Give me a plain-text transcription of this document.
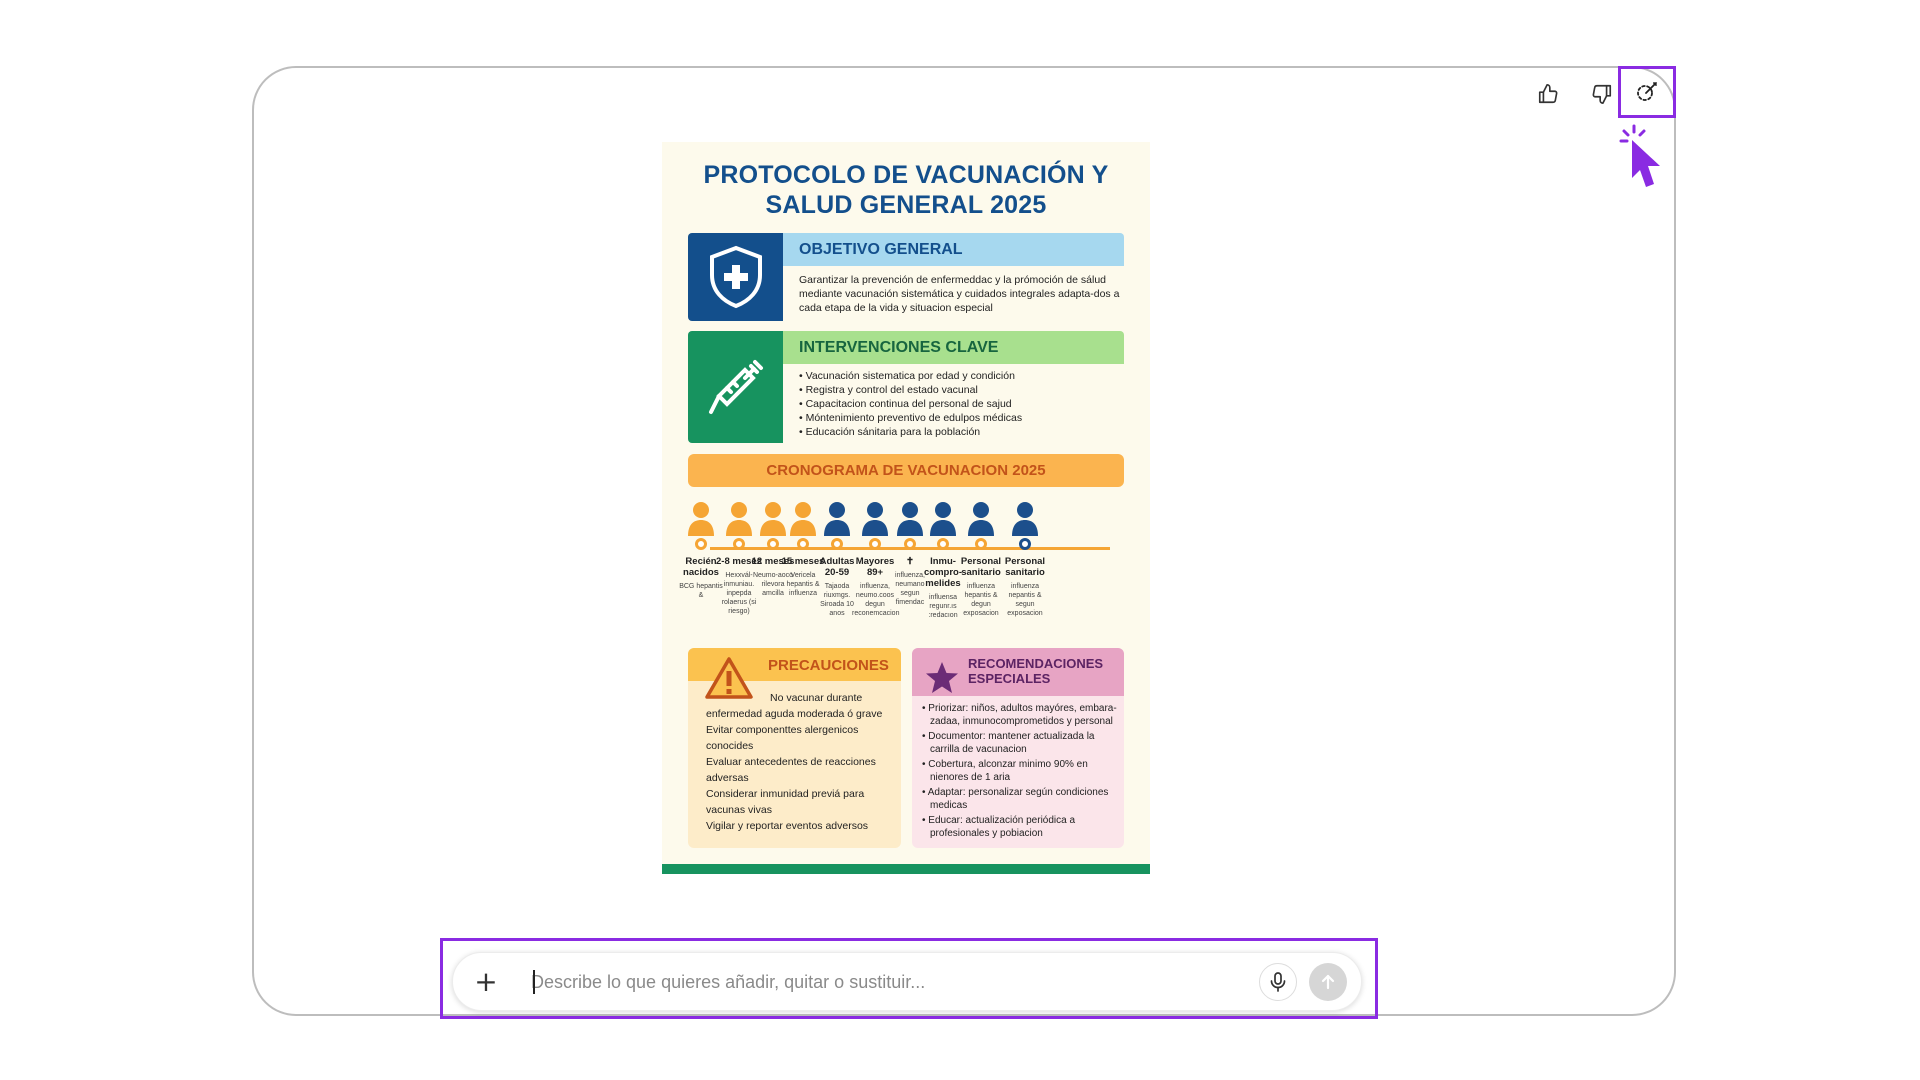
PROTOCOLO DE VACUNACIÓN Y
SALUD GENERAL 2025
OBJETIVO GENERAL
Garantizar la prevención de enfermeddac y la prómoción de sálud mediante vacunación sistemática y cuidados integrales adapta-dos a cada etapa de la vida y situacion especial
INTERVENCIONES CLAVE
• Vacunación sistematica por edad y condición
• Registra y control del estado vacunal
• Capacitacion continua del personal de sajud
• Móntenimiento preventivo de edulpos médicas
• Educación sánitaria para la población
CRONOGRAMA DE VACUNACION 2025
Recién nacidos
BCG hepantis &
2-8 meses
Hexxvál-inmuniau. inpepda rolaerus (si riesgo)
12 meses
Neumo-aoco rilevora amcilla
15 meses
Vericela hepantis & influenza
Adultas 20-59
Tajaoda riuxmgs. Siroada 10 anos
Mayores 89+
influenza, neumo.coos degun reconemcacion
✝
influenza, neumano segun fimendac
Inmu-compro-melides
influensa regunr.ıs :redacıon
Personal sanitario
influenza hepantis & degun exposacion
Personal sanitario
influenza nepantis & segun exposacion
PRECAUCIONES
No vacunar durante
enfermedad aguda moderada ó grave
Evitar componenttes alergenicos
conocides
Evaluar antecedentes de reacciones
adversas
Considerar inmunidad previá para
vacunas vivas
Vigilar y reportar eventos adversos
RECOMENDACIONES
ESPECIALES
• Priorizar: niños, adultos mayóres, embara-zadaa, inmunocomprometidos y personal
• Documentor: mantener actualizada la carrilla de vacunacion
• Cobertura, alconzar minimo 90% en nienores de 1 aria
• Adaptar: personalizar según condiciones medicas
• Educar: actualización periódica a profesionales y pobiacion
+
Describe lo que quieres añadir, quitar o sustituir...
